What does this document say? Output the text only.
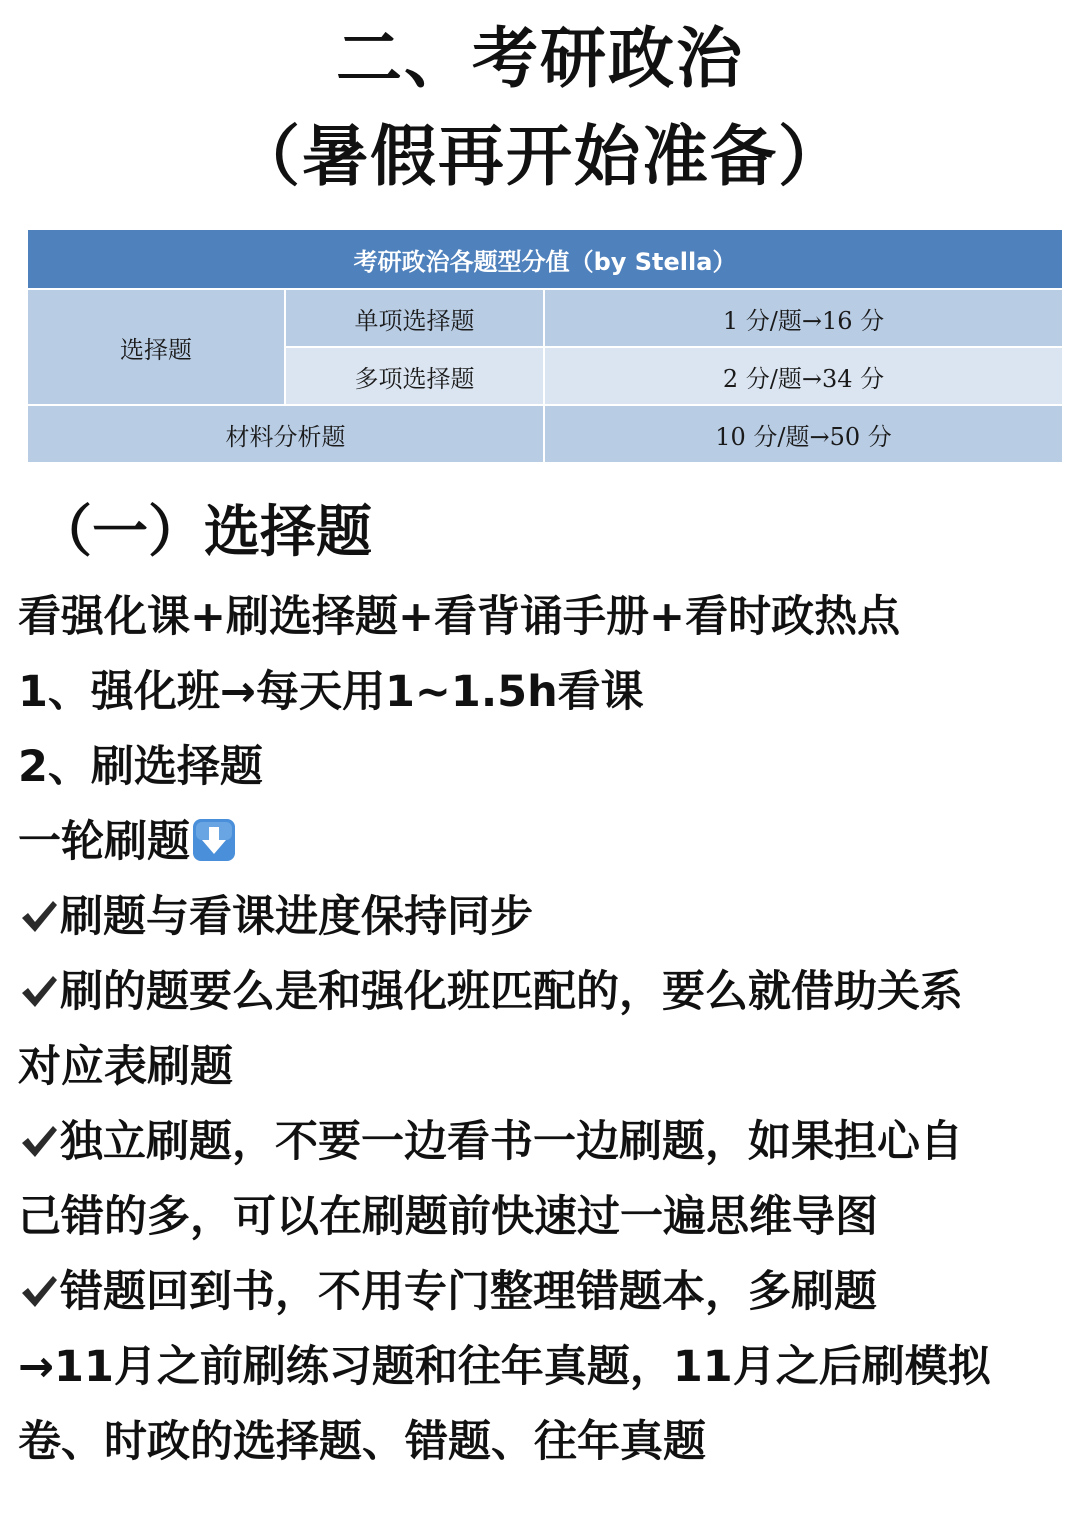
二、考研政治
（暑假再开始准备）
考研政治各题型分值（by Stella）		
选择题	单项选择题	1 分/题→16 分
	多项选择题	2 分/题→34 分
材料分析题		10 分/题→50 分
（一）选择题
看强化课+刷选择题+看背诵手册+看时政热点
1、强化班→每天用1~1.5h看课
2、刷选择题
一轮刷题
刷题与看课进度保持同步
刷的题要么是和强化班匹配的，要么就借助关系
对应表刷题
独立刷题，不要一边看书一边刷题，如果担心自
己错的多，可以在刷题前快速过一遍思维导图
错题回到书，不用专门整理错题本，多刷题
→11月之前刷练习题和往年真题，11月之后刷模拟
卷、时政的选择题、错题、往年真题
